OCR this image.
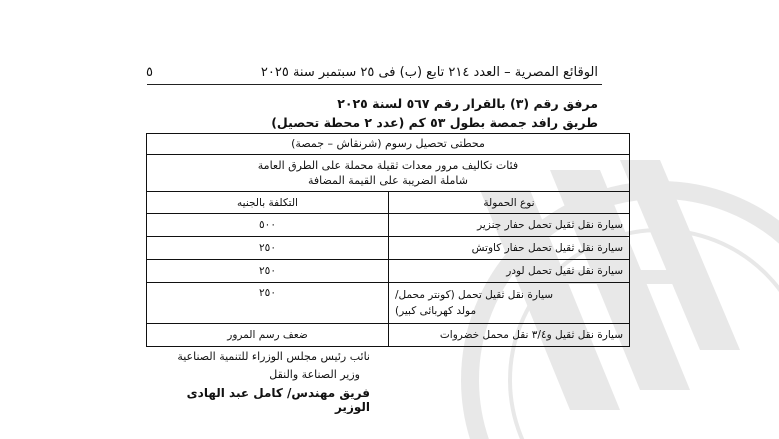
الوقائع المصرية – العدد ٢١٤ تابع (ب) فى ٢٥ سبتمبر سنة ٢٠٢٥
٥
مرفق رقم (٣) بالقرار رقم ٥٦٧ لسنة ٢٠٢٥
طريق رافد جمصة بطول ٥٣ كم (عدد ٢ محطة تحصيل)
محطتى تحصيل رسوم (شرنقاش – جمصة)
فئات تكاليف مرور معدات ثقيلة محملة على الطرق العامة
شاملة الضريبة على القيمة المضافة
نوع الحمولة
التكلفة بالجنيه
سيارة نقل ثقيل تحمل حفار جنزير
٥٠٠
سيارة نقل ثقيل تحمل حفار كاوتش
٢٥٠
سيارة نقل ثقيل تحمل لودر
٢٥٠
سيارة نقل ثقيل تحمل (كونتر محمل/
مولد كهربائى كبير)
٢٥٠
سيارة نقل ثقيل و٣/٤ نقل محمل خضروات
ضعف رسم المرور
نائب رئيس مجلس الوزراء للتنمية الصناعية
وزير الصناعة والنقل
فريق مهندس/ كامل عبد الهادى الوزير
